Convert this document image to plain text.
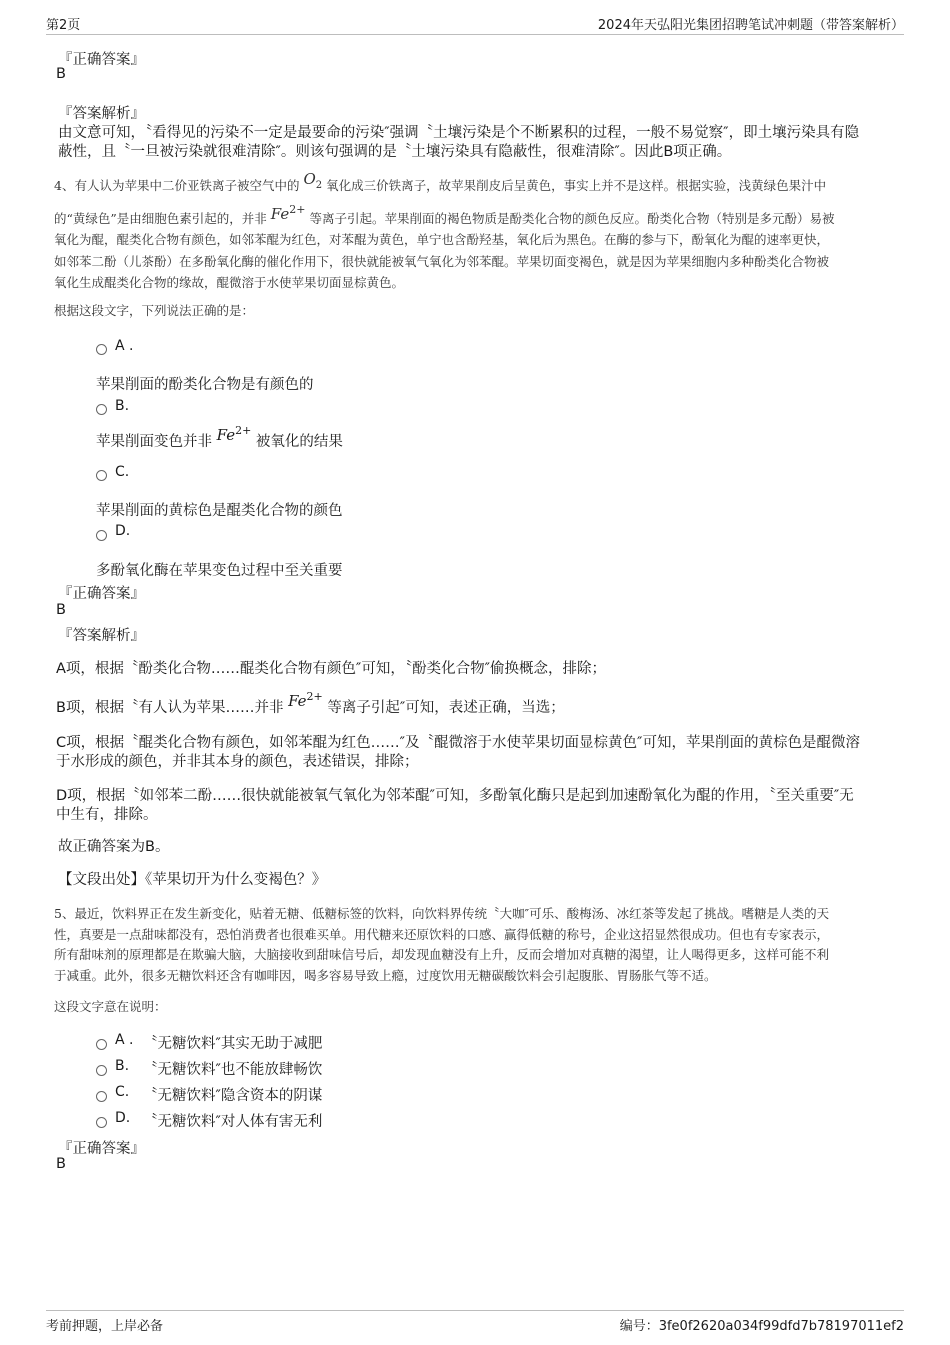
第2页	2024年天弘阳光集团招聘笔试冲刺题（带答案解析）
『正确答案』
B
『答案解析』
由文意可知，〝看得见的污染不一定是最要命的污染″强调〝土壤污染是个不断累积的过程，一般不易觉察″，即土壤污染具有隐
蔽性，且〝一旦被污染就很难清除″。则该句强调的是〝土壤污染具有隐蔽性，很难清除″。因此B项正确。
4、有人认为苹果中二价亚铁离子被空气中的 $O_2$ 氧化成三价铁离子，故苹果削皮后呈黄色，事实上并不是这样。根据实验，浅黄绿色果汁中
的“黄绿色”是由细胞色素引起的，并非 $Fe^{2+}$ 等离子引起。苹果削面的褐色物质是酚类化合物的颜色反应。酚类化合物（特别是多元酚）易被
氧化为醌，醌类化合物有颜色，如邻苯醌为红色，对苯醌为黄色，单宁也含酚羟基，氧化后为黑色。在酶的参与下，酚氧化为醌的速率更快，
如邻苯二酚（儿茶酚）在多酚氧化酶的催化作用下，很快就能被氧气氧化为邻苯醌。苹果切面变褐色，就是因为苹果细胞内多种酚类化合物被
氧化生成醌类化合物的缘故，醌微溶于水使苹果切面显棕黄色。
根据这段文字，下列说法正确的是：
A .
苹果削面的酚类化合物是有颜色的
B.
苹果削面变色并非 $Fe^{2+}$ 被氧化的结果
C.
苹果削面的黄棕色是醌类化合物的颜色
D.
多酚氧化酶在苹果变色过程中至关重要
『正确答案』
B
『答案解析』
A项，根据〝酚类化合物……醌类化合物有颜色″可知，〝酚类化合物″偷换概念，排除；
B项，根据〝有人认为苹果……并非 $Fe^{2+}$ 等离子引起″可知，表述正确，当选；
C项，根据〝醌类化合物有颜色，如邻苯醌为红色……″及〝醌微溶于水使苹果切面显棕黄色″可知，苹果削面的黄棕色是醌微溶
于水形成的颜色，并非其本身的颜色，表述错误，排除；
D项，根据〝如邻苯二酚……很快就能被氧气氧化为邻苯醌″可知，多酚氧化酶只是起到加速酚氧化为醌的作用，〝至关重要″无
中生有，排除。
故正确答案为B。
【文段出处】《苹果切开为什么变褐色？》
5、最近，饮料界正在发生新变化，贴着无糖、低糖标签的饮料，向饮料界传统〝大咖″可乐、酸梅汤、冰红茶等发起了挑战。嗜糖是人类的天
性，真要是一点甜味都没有，恐怕消费者也很难买单。用代糖来还原饮料的口感、赢得低糖的称号，企业这招显然很成功。但也有专家表示，
所有甜味剂的原理都是在欺骗大脑，大脑接收到甜味信号后，却发现血糖没有上升，反而会增加对真糖的渴望，让人喝得更多，这样可能不利
于减重。此外，很多无糖饮料还含有咖啡因，喝多容易导致上瘾，过度饮用无糖碳酸饮料会引起腹胀、胃肠胀气等不适。
这段文字意在说明：
A . 〝无糖饮料″其实无助于减肥
B. 〝无糖饮料″也不能放肆畅饮
C. 〝无糖饮料″隐含资本的阴谋
D. 〝无糖饮料″对人体有害无利
『正确答案』
B
考前押题，上岸必备	编号：3fe0f2620a034f99dfd7b78197011ef2
